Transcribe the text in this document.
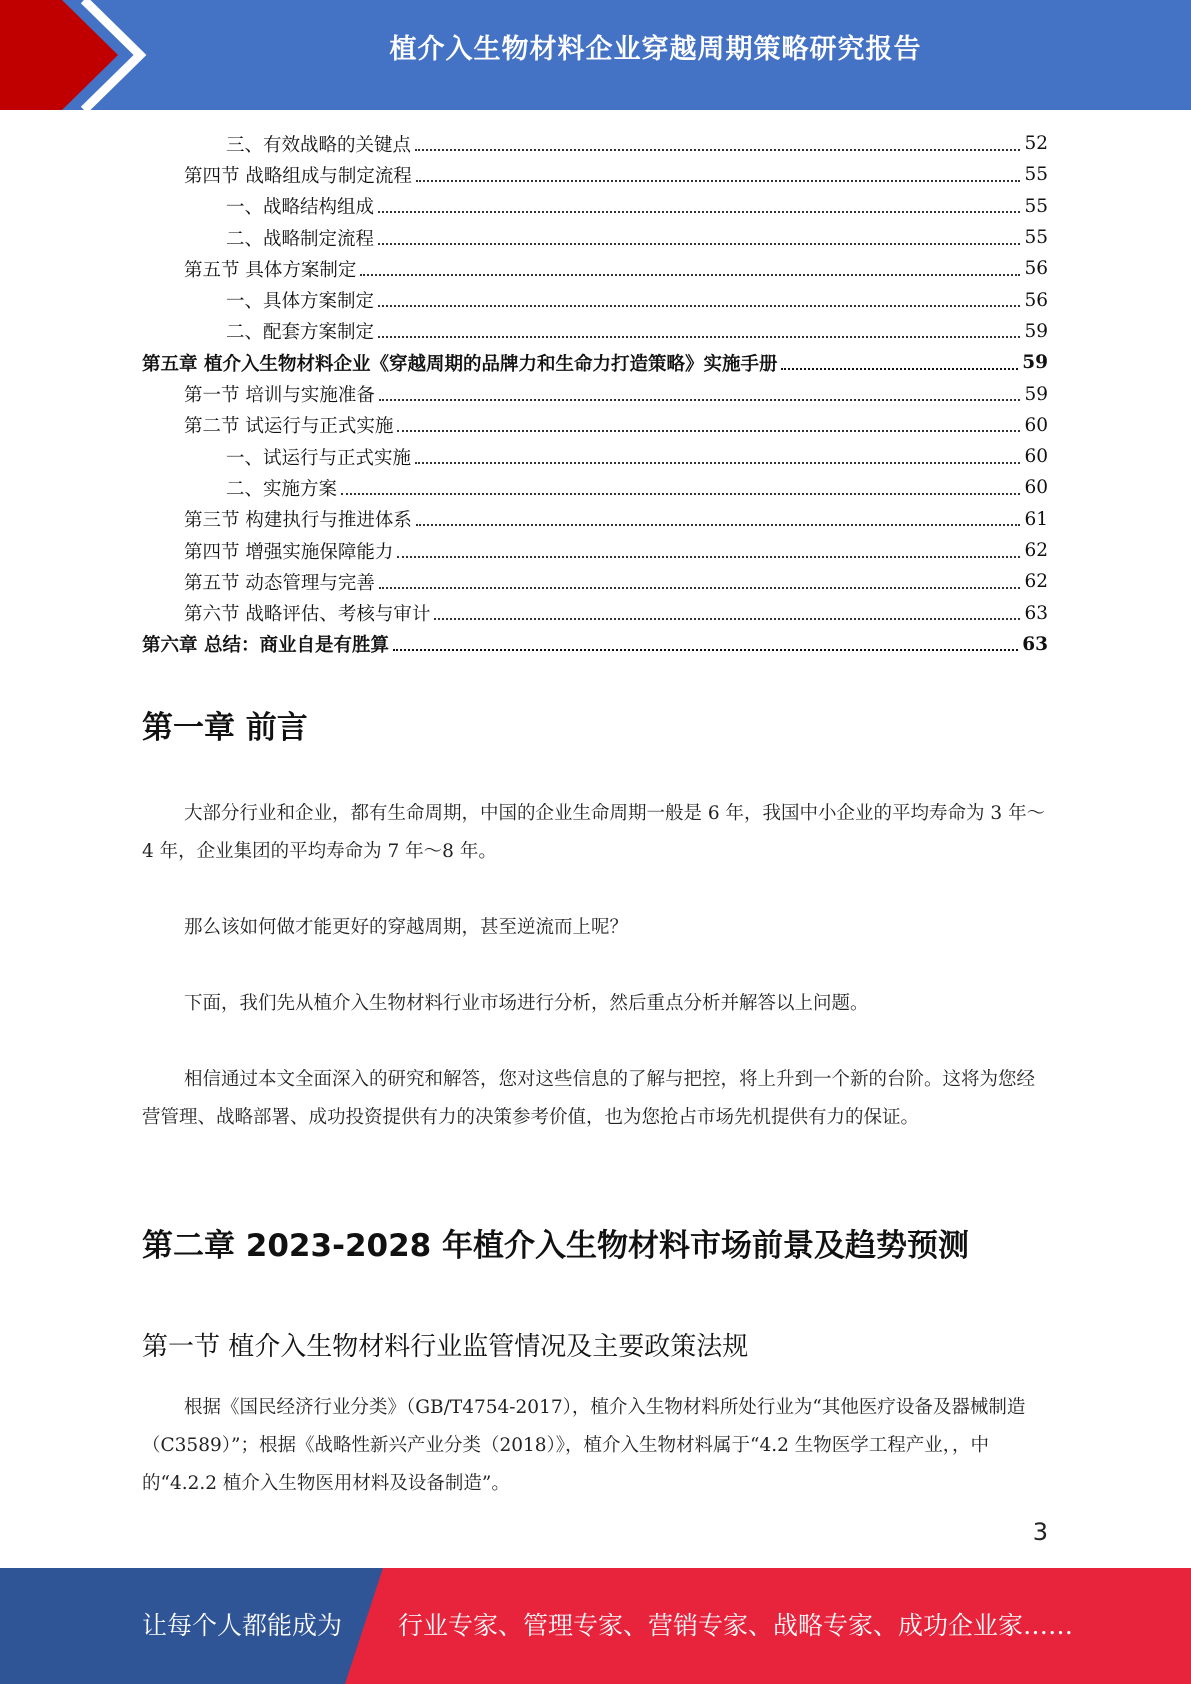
植介入生物材料企业穿越周期策略研究报告
三、有效战略的关键点	52
第四节 战略组成与制定流程	55
一、战略结构组成	55
二、战略制定流程	55
第五节 具体方案制定	56
一、具体方案制定	56
二、配套方案制定	59
第五章 植介入生物材料企业《穿越周期的品牌力和生命力打造策略》实施手册	59
第一节 培训与实施准备	59
第二节 试运行与正式实施	60
一、试运行与正式实施	60
二、实施方案	60
第三节 构建执行与推进体系	61
第四节 增强实施保障能力	62
第五节 动态管理与完善	62
第六节 战略评估、考核与审计	63
第六章 总结：商业自是有胜算	63
第一章 前言
大部分行业和企业，都有生命周期，中国的企业生命周期一般是 6 年，我国中小企业的平均寿命为 3 年～4 年，企业集团的平均寿命为 7 年～8 年。
那么该如何做才能更好的穿越周期，甚至逆流而上呢？
下面，我们先从植介入生物材料行业市场进行分析，然后重点分析并解答以上问题。
相信通过本文全面深入的研究和解答，您对这些信息的了解与把控，将上升到一个新的台阶。这将为您经营管理、战略部署、成功投资提供有力的决策参考价值，也为您抢占市场先机提供有力的保证。
第二章 2023-2028 年植介入生物材料市场前景及趋势预测
第一节 植介入生物材料行业监管情况及主要政策法规
根据《国民经济行业分类》（GB/T4754-2017），植介入生物材料所处行业为“其他医疗设备及器械制造（C3589）”；根据《战略性新兴产业分类（2018）》，植介入生物材料属于“4.2 生物医学工程产业，，中的“4.2.2 植介入生物医用材料及设备制造”。
3
让每个人都能成为 行业专家、管理专家、营销专家、战略专家、成功企业家……
